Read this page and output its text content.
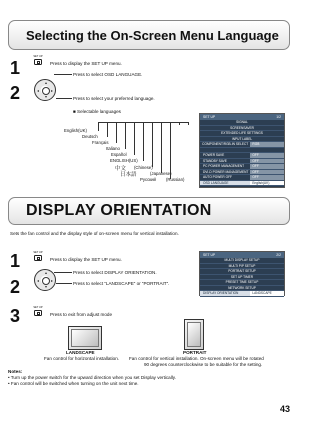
Selecting the On-Screen Menu Language
1
SET UP
Press to display the SET UP menu.
2
Press to select OSD LANGUAGE.
Press to select your preferred language.
■ Selectable languages
English(UK)
Deutsch
Français
Italiano
Español
ENGLISH(US)
中文 (Chinese)
日本語	(Japanese)
Русский (Russian)
SET UP	1/2
SIGNAL
SCREENSAVER
EXTENDED LIFE SETTINGS
INPUT LABEL
COMPONENT/RGB-IN SELECT	RGB
POWER SAVE	OFF
STANDBY SAVE	OFF
PC POWER MANAGEMENT	OFF
DVI-D POWER MANAGEMENT	OFF
AUTO POWER OFF	OFF
OSD LANGUAGE	English(UK)
DISPLAY ORIENTATION
Sets the fan control and the display style of on-screen menu for vertical installation.
1	SET UP
Press to display the SET UP menu.
2
Press to select DISPLAY ORIENTATION.
Press to select “LANDSCAPE” or “PORTRAIT”.
3	SET UP
Press to exit from adjust mode
SET UP	2/2
MULTI DISPLAY SETUP
MULTI PIP SETUP
PORTRAIT SETUP
SET UP TIMER
PRESET TIME SETUP
NETWORK SETUP
DISPLAY ORIENTATION	LANDSCAPE
LANDSCAPE	PORTRAIT
Fan control for horizontal installation. Fan control for vertical installation. On-screen menu will be rotated
90 degrees counterclockwise to be suitable for the setting.
Notes:
• Turn up the power switch for the upward direction when you set Display vertically.
• Fan control will be switched when turning on the unit next time.
43
